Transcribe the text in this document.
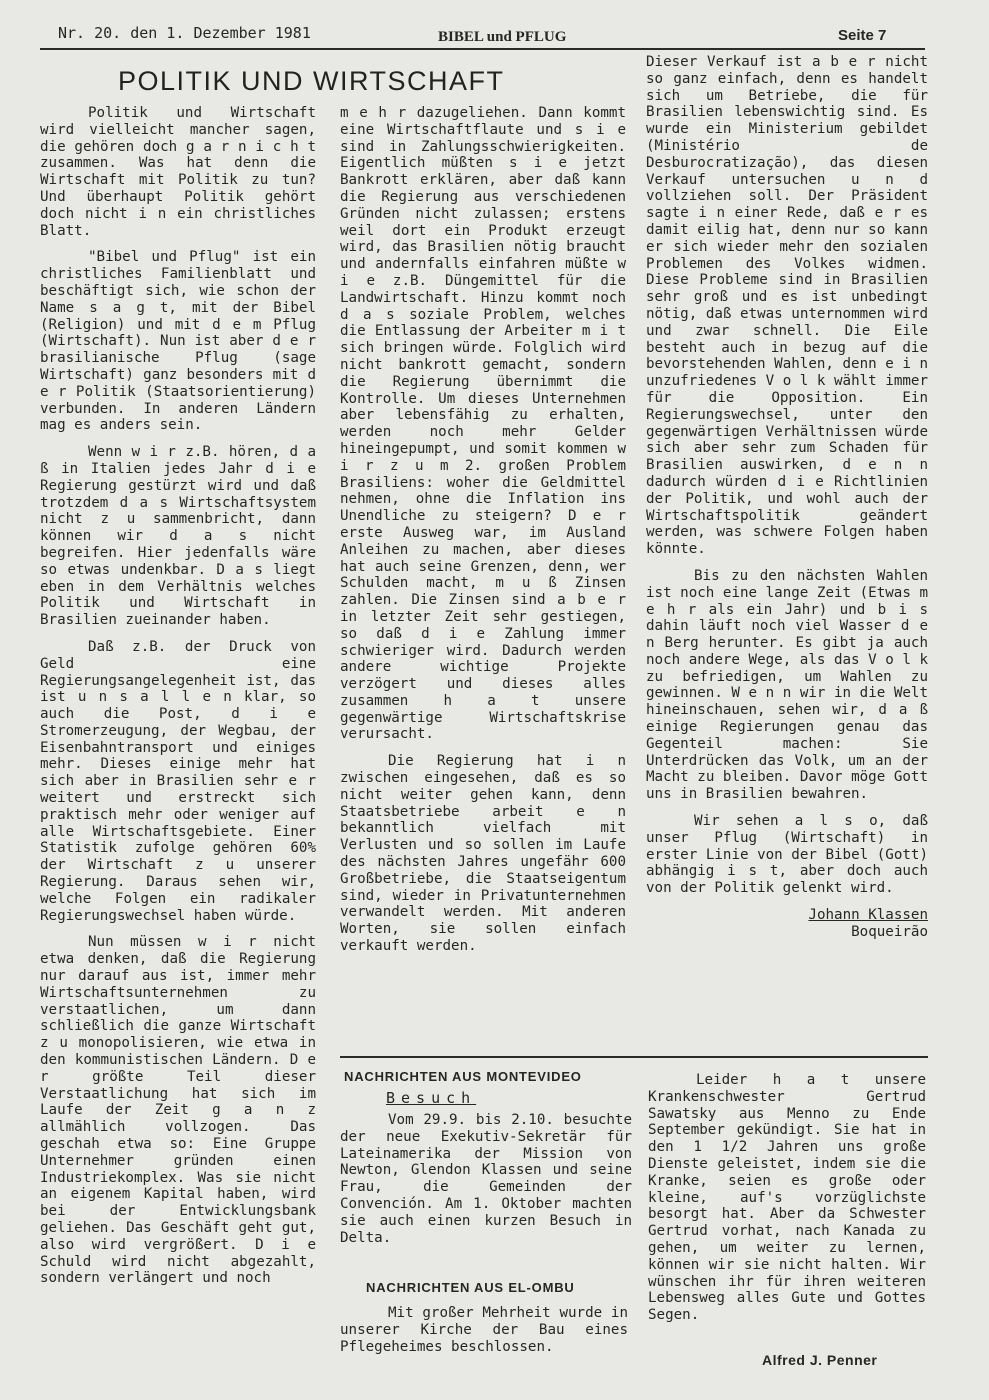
Nr. 20. den 1. Dezember 1981	BIBEL und PFLUG	Seite 7
POLITIK UND WIRTSCHAFT

Politik und Wirtschaft wird vielleicht mancher sagen, die gehören doch g a r n i c h t zusammen. Was hat denn die Wirtschaft mit Politik zu tun? Und überhaupt Politik gehört doch nicht i n ein christliches Blatt.

"Bibel und Pflug" ist ein christliches Familienblatt und beschäftigt sich, wie schon der Name s a g t, mit der Bibel (Religion) und mit d e m Pflug (Wirtschaft). Nun ist aber d e r brasilianische Pflug (sage Wirtschaft) ganz besonders mit d e r Politik (Staatsorientierung) verbunden. In anderen Ländern mag es anders sein.

Wenn w i r z.B. hören, d a ß in Italien jedes Jahr d i e Regierung gestürzt wird und daß trotzdem d a s Wirtschaftsystem nicht z u sammenbricht, dann können wir d a s nicht begreifen. Hier jedenfalls wäre so etwas undenkbar. D a s liegt eben in dem Verhältnis welches Politik und Wirtschaft in Brasilien zueinander haben.

Daß z.B. der Druck von Geld eine Regierungsangelegenheit ist, das ist u n s a l l e n klar, so auch die Post, d i e Stromerzeugung, der Wegbau, der Eisenbahntransport und einiges mehr. Dieses einige mehr hat sich aber in Brasilien sehr e r weitert und erstreckt sich praktisch mehr oder weniger auf alle Wirtschaftsgebiete. Einer Statistik zufolge gehören 60% der Wirtschaft z u unserer Regierung. Daraus sehen wir, welche Folgen ein radikaler Regierungswechsel haben würde.

Nun müssen w i r nicht etwa denken, daß die Regierung nur darauf aus ist, immer mehr Wirtschaftsunternehmen zu verstaatlichen, um dann schließlich die ganze Wirtschaft z u monopolisieren, wie etwa in den kommunistischen Ländern. D e r größte Teil dieser Verstaatlichung hat sich im Laufe der Zeit g a n z allmählich vollzogen. Das geschah etwa so: Eine Gruppe Unternehmer gründen einen Industriekomplex. Was sie nicht an eigenem Kapital haben, wird bei der Entwicklungsbank geliehen. Das Geschäft geht gut, also wird vergrößert. D i e Schuld wird nicht abgezahlt, sondern verlängert und noch

m e h r dazugeliehen. Dann kommt eine Wirtschaftflaute und s i e sind in Zahlungsschwierigkeiten. Eigentlich müßten s i e jetzt Bankrott erklären, aber daß kann die Regierung aus verschiedenen Gründen nicht zulassen; erstens weil dort ein Produkt erzeugt wird, das Brasilien nötig braucht und andernfalls einfahren müßte w i e z.B. Düngemittel für die Landwirtschaft. Hinzu kommt noch d a s soziale Problem, welches die Entlassung der Arbeiter m i t sich bringen würde. Folglich wird nicht bankrott gemacht, sondern die Regierung übernimmt die Kontrolle. Um dieses Unternehmen aber lebensfähig zu erhalten, werden noch mehr Gelder hineingepumpt, und somit kommen w i r z u m 2. großen Problem Brasiliens: woher die Geldmittel nehmen, ohne die Inflation ins Unendliche zu steigern? D e r erste Ausweg war, im Ausland Anleihen zu machen, aber dieses hat auch seine Grenzen, denn, wer Schulden macht, m u ß Zinsen zahlen. Die Zinsen sind a b e r in letzter Zeit sehr gestiegen, so daß d i e Zahlung immer schwieriger wird. Dadurch werden andere wichtige Projekte verzögert und dieses alles zusammen h a t unsere gegenwärtige Wirtschaftskrise verursacht.

Die Regierung hat i n zwischen eingesehen, daß es so nicht weiter gehen kann, denn Staatsbetriebe arbeit e n bekanntlich vielfach mit Verlusten und so sollen im Laufe des nächsten Jahres ungefähr 600 Großbetriebe, die Staatseigentum sind, wieder in Privatunternehmen verwandelt werden. Mit anderen Worten, sie sollen einfach verkauft werden.

Dieser Verkauf ist a b e r nicht so ganz einfach, denn es handelt sich um Betriebe, die für Brasilien lebenswichtig sind. Es wurde ein Ministerium gebildet (Ministério de Desburocratização), das diesen Verkauf untersuchen u n d vollziehen soll. Der Präsident sagte i n einer Rede, daß e r es damit eilig hat, denn nur so kann er sich wieder mehr den sozialen Problemen des Volkes widmen. Diese Probleme sind in Brasilien sehr groß und es ist unbedingt nötig, daß etwas unternommen wird und zwar schnell. Die Eile besteht auch in bezug auf die bevorstehenden Wahlen, denn e i n unzufriedenes V o l k wählt immer für die Opposition. Ein Regierungswechsel, unter den gegenwärtigen Verhältnissen würde sich aber sehr zum Schaden für Brasilien auswirken, d e n n dadurch würden d i e Richtlinien der Politik, und wohl auch der Wirtschaftspolitik geändert werden, was schwere Folgen haben könnte.

Bis zu den nächsten Wahlen ist noch eine lange Zeit (Etwas m e h r als ein Jahr) und b i s dahin läuft noch viel Wasser d e n Berg herunter. Es gibt ja auch noch andere Wege, als das V o l k zu befriedigen, um Wahlen zu gewinnen. W e n n wir in die Welt hineinschauen, sehen wir, d a ß einige Regierungen genau das Gegenteil machen: Sie Unterdrücken das Volk, um an der Macht zu bleiben. Davor möge Gott uns in Brasilien bewahren.

Wir sehen a l s o, daß unser Pflug (Wirtschaft) in erster Linie von der Bibel (Gott) abhängig i s t, aber doch auch von der Politik gelenkt wird.

Johann Klassen
Boqueirão
NACHRICHTEN AUS MONTEVIDEO
Besuch

Vom 29.9. bis 2.10. besuchte der neue Exekutiv-Sekretär für Lateinamerika der Mission von Newton, Glendon Klassen und seine Frau, die Gemeinden der Convención. Am 1. Oktober machten sie auch einen kurzen Besuch in Delta.

NACHRICHTEN AUS EL-OMBU

Mit großer Mehrheit wurde in unserer Kirche der Bau eines Pflegeheimes beschlossen.

Leider h a t unsere Krankenschwester Gertrud Sawatsky aus Menno zu Ende September gekündigt. Sie hat in den 1 1/2 Jahren uns große Dienste geleistet, indem sie die Kranke, seien es große oder kleine, auf's vorzüglichste besorgt hat. Aber da Schwester Gertrud vorhat, nach Kanada zu gehen, um weiter zu lernen, können wir sie nicht halten. Wir wünschen ihr für ihren weiteren Lebensweg alles Gute und Gottes Segen.

Alfred J. Penner
